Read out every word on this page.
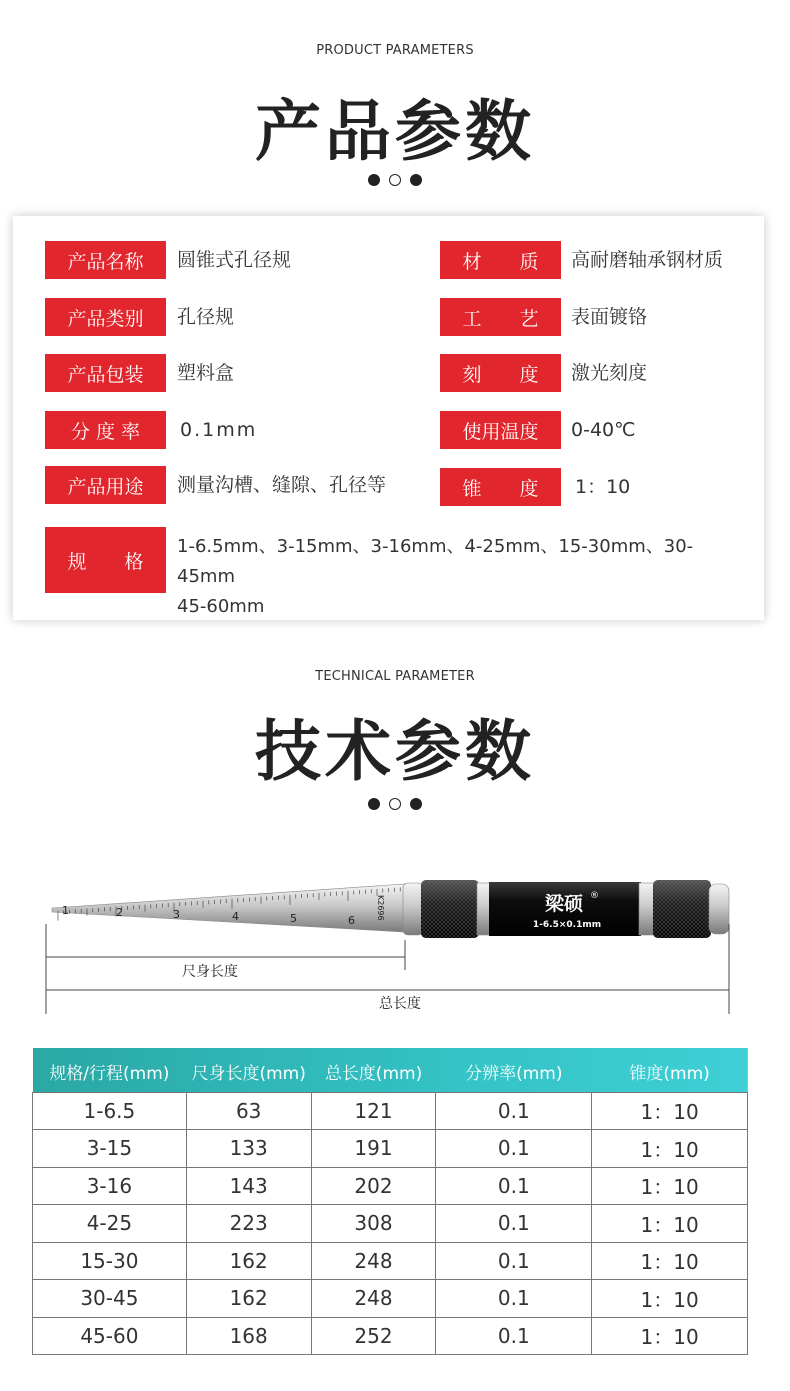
PRODUCT PARAMETERS
产品参数
产品名称	圆锥式孔径规
产品类别	孔径规
产品包装	塑料盒
分 度 率	0.1mm
产品用途	测量沟槽、缝隙、孔径等
材　　质	高耐磨轴承钢材质
工　　艺	表面镀铬
刻　　度	激光刻度
使用温度	0-40℃
锥　　度	1：10
规　　格
1-6.5mm、3-15mm、3-16mm、4-25mm、15-30mm、30-45mm
45-60mm
TECHNICAL PARAMETER
技术参数
1	2	3	4	5	6	K2696	梁硕 ®
1-6.5×0.1mm
尺身长度
总长度
规格/行程(mm)	尺身长度(mm)	总长度(mm)	分辨率(mm)	锥度(mm)
1-6.5	63	121	0.1	1：10
3-15	133	191	0.1	1：10
3-16	143	202	0.1	1：10
4-25	223	308	0.1	1：10
15-30	162	248	0.1	1：10
30-45	162	248	0.1	1：10
45-60	168	252	0.1	1：10
